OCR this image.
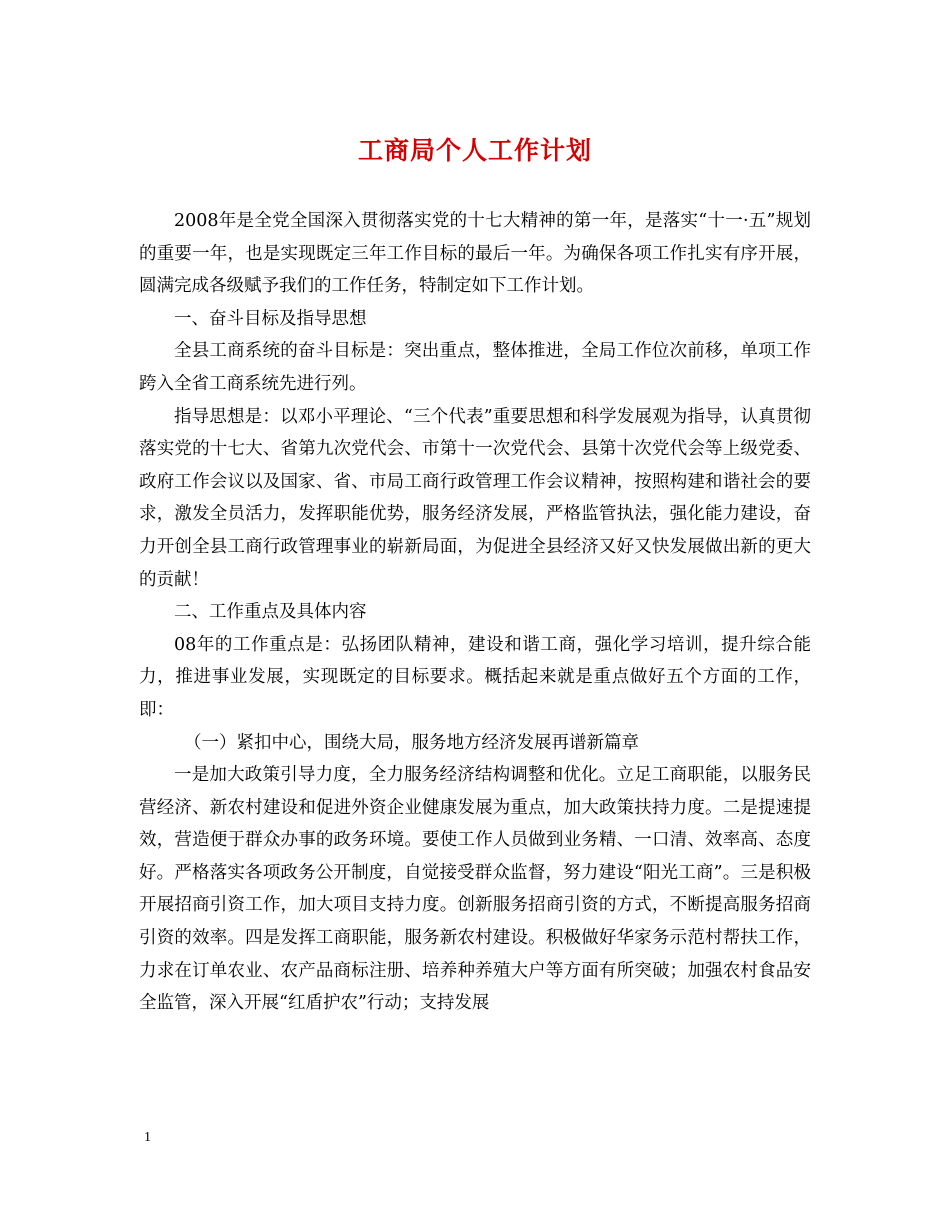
工商局个人工作计划

2008年是全党全国深入贯彻落实党的十七大精神的第一年，是落实“十一·五”规划的重要一年，也是实现既定三年工作目标的最后一年。为确保各项工作扎实有序开展，圆满完成各级赋予我们的工作任务，特制定如下工作计划。

一、奋斗目标及指导思想

全县工商系统的奋斗目标是：突出重点，整体推进，全局工作位次前移，单项工作跨入全省工商系统先进行列。

指导思想是：以邓小平理论、“三个代表”重要思想和科学发展观为指导，认真贯彻落实党的十七大、省第九次党代会、市第十一次党代会、县第十次党代会等上级党委、政府工作会议以及国家、省、市局工商行政管理工作会议精神，按照构建和谐社会的要求，激发全员活力，发挥职能优势，服务经济发展，严格监管执法，强化能力建设，奋力开创全县工商行政管理事业的崭新局面，为促进全县经济又好又快发展做出新的更大的贡献！

二、工作重点及具体内容

08年的工作重点是：弘扬团队精神，建设和谐工商，强化学习培训，提升综合能力，推进事业发展，实现既定的目标要求。概括起来就是重点做好五个方面的工作，即：

（一）紧扣中心，围绕大局，服务地方经济发展再谱新篇章

一是加大政策引导力度，全力服务经济结构调整和优化。立足工商职能，以服务民营经济、新农村建设和促进外资企业健康发展为重点，加大政策扶持力度。二是提速提效，营造便于群众办事的政务环境。要使工作人员做到业务精、一口清、效率高、态度好。严格落实各项政务公开制度，自觉接受群众监督，努力建设“阳光工商”。三是积极开展招商引资工作，加大项目支持力度。创新服务招商引资的方式，不断提高服务招商引资的效率。四是发挥工商职能，服务新农村建设。积极做好华家务示范村帮扶工作，力求在订单农业、农产品商标注册、培养种养殖大户等方面有所突破；加强农村食品安全监管，深入开展“红盾护农”行动；支持发展

1
